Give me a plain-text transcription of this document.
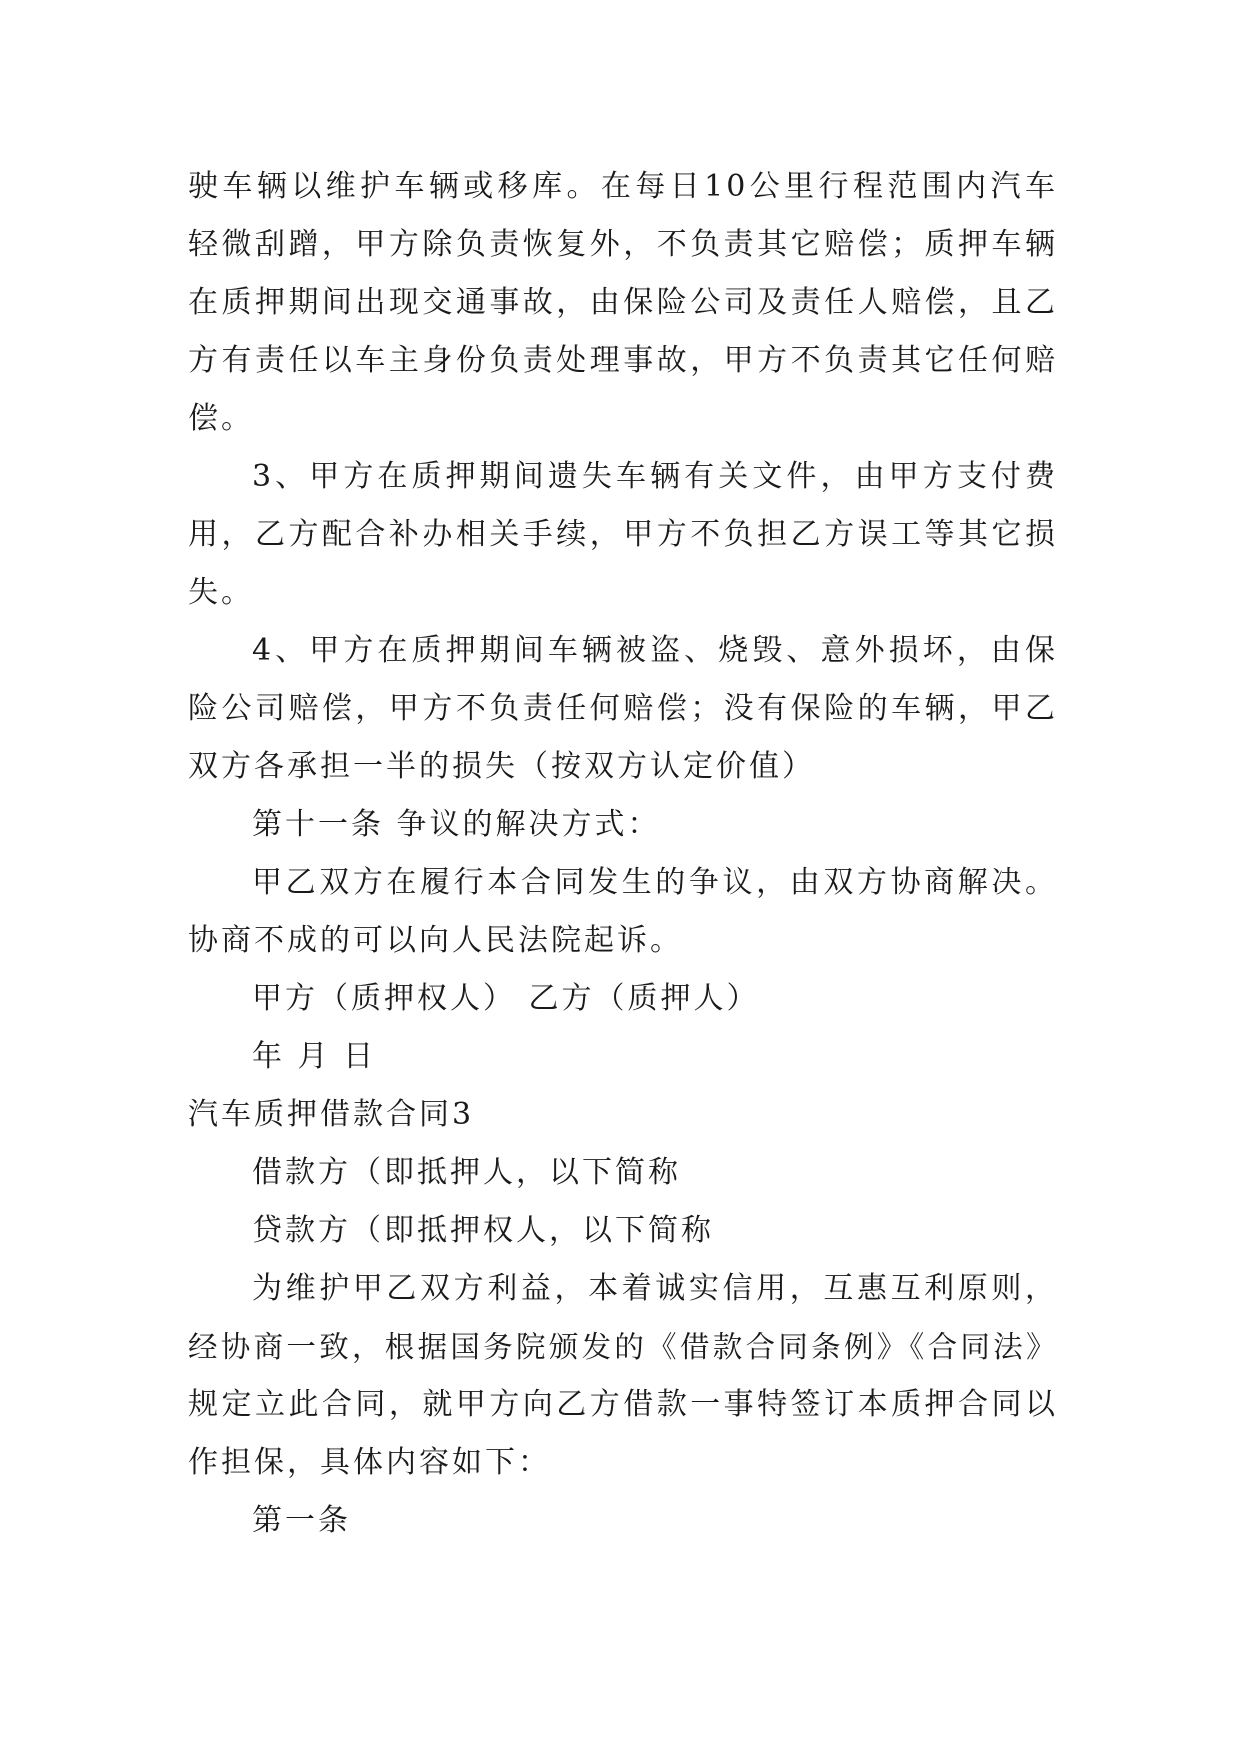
驶车辆以维护车辆或移库。在每日10公里行程范围内汽车
轻微刮蹭，甲方除负责恢复外，不负责其它赔偿；质押车辆
在质押期间出现交通事故，由保险公司及责任人赔偿，且乙
方有责任以车主身份负责处理事故，甲方不负责其它任何赔
偿。
3、甲方在质押期间遗失车辆有关文件，由甲方支付费
用，乙方配合补办相关手续，甲方不负担乙方误工等其它损
失。
4、甲方在质押期间车辆被盗、烧毁、意外损坏，由保
险公司赔偿，甲方不负责任何赔偿；没有保险的车辆，甲乙
双方各承担一半的损失（按双方认定价值）
第十一条 争议的解决方式：
甲乙双方在履行本合同发生的争议，由双方协商解决。
协商不成的可以向人民法院起诉。
甲方（质押权人） 乙方（质押人）
年 月 日
汽车质押借款合同3
借款方（即抵押人，以下简称
贷款方（即抵押权人，以下简称
为维护甲乙双方利益，本着诚实信用，互惠互利原则，
经协商一致，根据国务院颁发的《借款合同条例》《合同法》
规定立此合同，就甲方向乙方借款一事特签订本质押合同以
作担保，具体内容如下：
第一条
